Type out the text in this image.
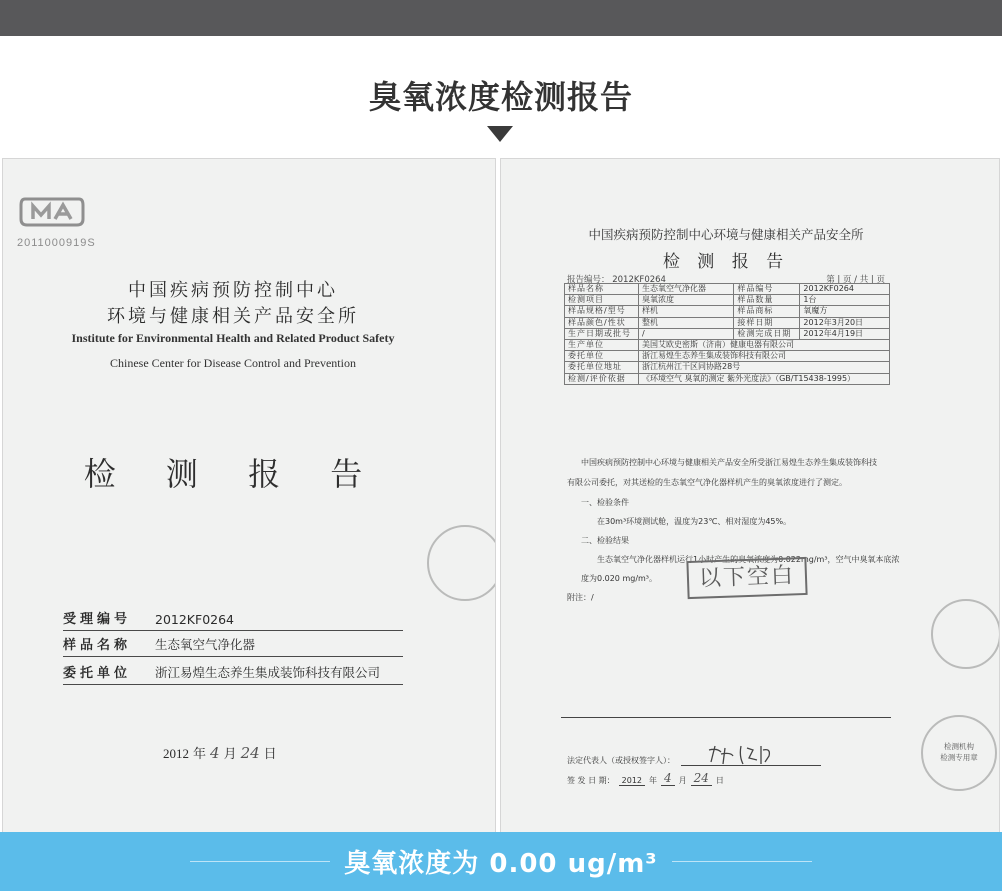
臭氧浓度检测报告
2011000919S
中国疾病预防控制中心
环境与健康相关产品安全所
Institute for Environmental Health and Related Product Safety
Chinese Center for Disease Control and Prevention
检 测 报 告
受理编号	2012KF0264
样品名称	生态氧空气净化器
委托单位	浙江易煌生态养生集成装饰科技有限公司
2012 年 4 月 24 日
中国疾病预防控制中心环境与健康相关产品安全所
检 测 报 告
报告编号： 2012KF0264	第 | 页 / 共 | 页
样品名称	生态氧空气净化器	样品编号	2012KF0264
检测项目	臭氧浓度	样品数量	1台
样品规格/型号	样机	样品商标	氧魔方
样品颜色/性状	整机	接样日期	2012年3月20日
生产日期或批号	/	检测完成日期	2012年4月19日
生产单位	美国艾欧史密斯（济南）健康电器有限公司		
委托单位	浙江易煌生态养生集成装饰科技有限公司		
委托单位地址	浙江杭州江干区同协路28号		
检测/评价依据	《环境空气 臭氧的测定 紫外光度法》（GB/T15438-1995）		
中国疾病预防控制中心环境与健康相关产品安全所受浙江易煌生态养生集成装饰科技
有限公司委托，对其送检的生态氧空气净化器样机产生的臭氧浓度进行了测定。
一、检验条件
在30m³环境测试舱，温度为23℃、相对湿度为45%。
二、检验结果
生态氧空气净化器样机运行1小时产生的臭氧浓度为0.022mg/m³，空气中臭氧本底浓
度为0.020 mg/m³。
附注：/
以下空白
检测机构
检测专用章
法定代表人（或授权签字人）：
签 发 日 期： 2012 年 4 月 24 日
臭氧浓度为 0.00 ug/m³
